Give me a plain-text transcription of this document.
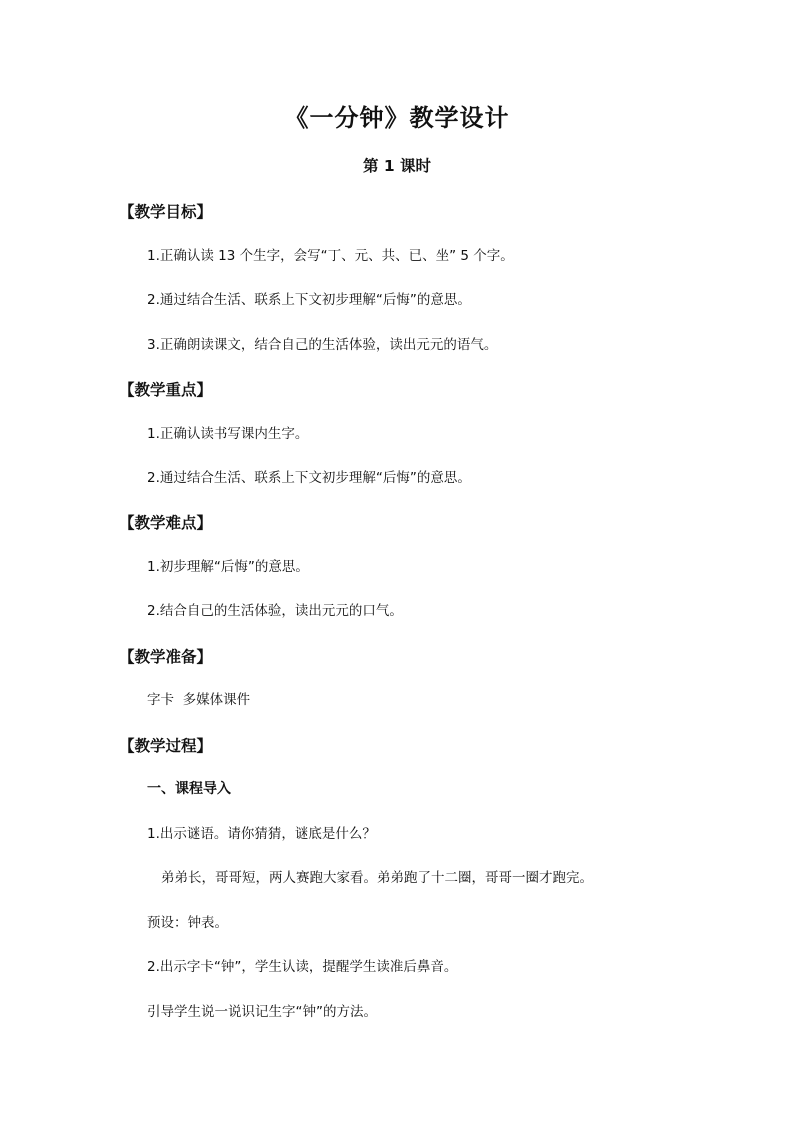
《一分钟》教学设计
第 1 课时
【教学目标】
1.正确认读 13 个生字，会写“丁、元、共、已、坐” 5 个字。
2.通过结合生活、联系上下文初步理解“后悔”的意思。
3.正确朗读课文，结合自己的生活体验，读出元元的语气。
【教学重点】
1.正确认读书写课内生字。
2.通过结合生活、联系上下文初步理解“后悔”的意思。
【教学难点】
1.初步理解“后悔”的意思。
2.结合自己的生活体验，读出元元的口气。
【教学准备】
字卡  多媒体课件
【教学过程】
一、课程导入
1.出示谜语。请你猜猜，谜底是什么？
弟弟长，哥哥短，两人赛跑大家看。弟弟跑了十二圈，哥哥一圈才跑完。
预设：钟表。
2.出示字卡“钟”，学生认读，提醒学生读准后鼻音。
引导学生说一说识记生字“钟”的方法。
